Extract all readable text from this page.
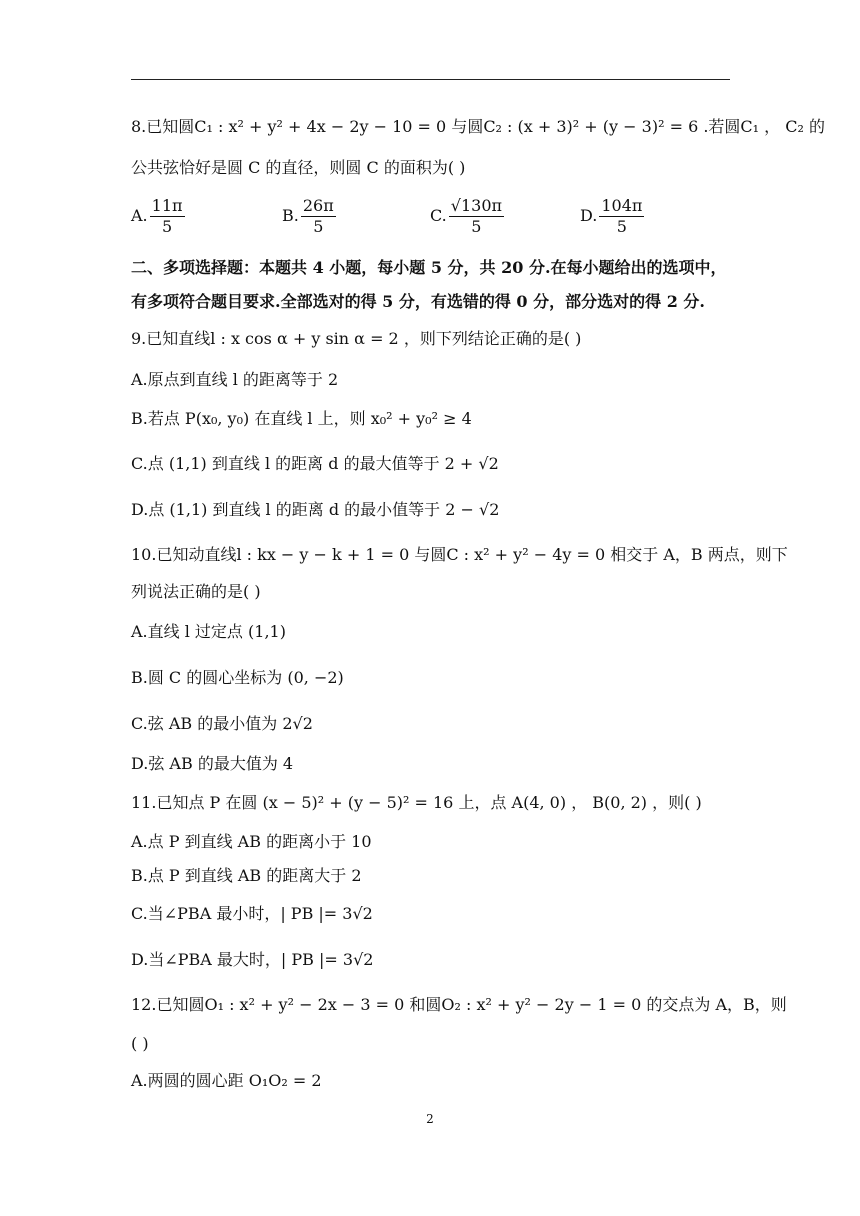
8.已知圆C₁ : x² + y² + 4x − 2y − 10 = 0 与圆C₂ : (x + 3)² + (y − 3)² = 6 .若圆C₁ ， C₂ 的
公共弦恰好是圆 C 的直径，则圆 C 的面积为( )
A. $\frac{11\pi}{5}$	B. $\frac{26\pi}{5}$	C. $\frac{√130\pi}{5}$	D. $\frac{104\pi}{5}$
二、多项选择题：本题共 4 小题，每小题 5 分，共 20 分.在每小题给出的选项中，
有多项符合题目要求.全部选对的得 5 分，有选错的得 0 分，部分选对的得 2 分.
9.已知直线l : x cos α + y sin α = 2 ，则下列结论正确的是( )
A.原点到直线 l 的距离等于 2
B.若点 P(x₀, y₀) 在直线 l 上，则 x₀² + y₀² ≥ 4
C.点 (1,1) 到直线 l 的距离 d 的最大值等于 2 + √2
D.点 (1,1) 到直线 l 的距离 d 的最小值等于 2 − √2
10.已知动直线l : kx − y − k + 1 = 0 与圆C : x² + y² − 4y = 0 相交于 A，B 两点，则下
列说法正确的是( )
A.直线 l 过定点 (1,1)
B.圆 C 的圆心坐标为 (0, −2)
C.弦 AB 的最小值为 2√2
D.弦 AB 的最大值为 4
11.已知点 P 在圆 (x − 5)² + (y − 5)² = 16 上，点 A(4, 0) ， B(0, 2) ，则( )
A.点 P 到直线 AB 的距离小于 10
B.点 P 到直线 AB 的距离大于 2
C.当∠PBA 最小时，| PB |= 3√2
D.当∠PBA 最大时，| PB |= 3√2
12.已知圆O₁ : x² + y² − 2x − 3 = 0 和圆O₂ : x² + y² − 2y − 1 = 0 的交点为 A，B，则
( )
A.两圆的圆心距 O₁O₂ = 2
2
